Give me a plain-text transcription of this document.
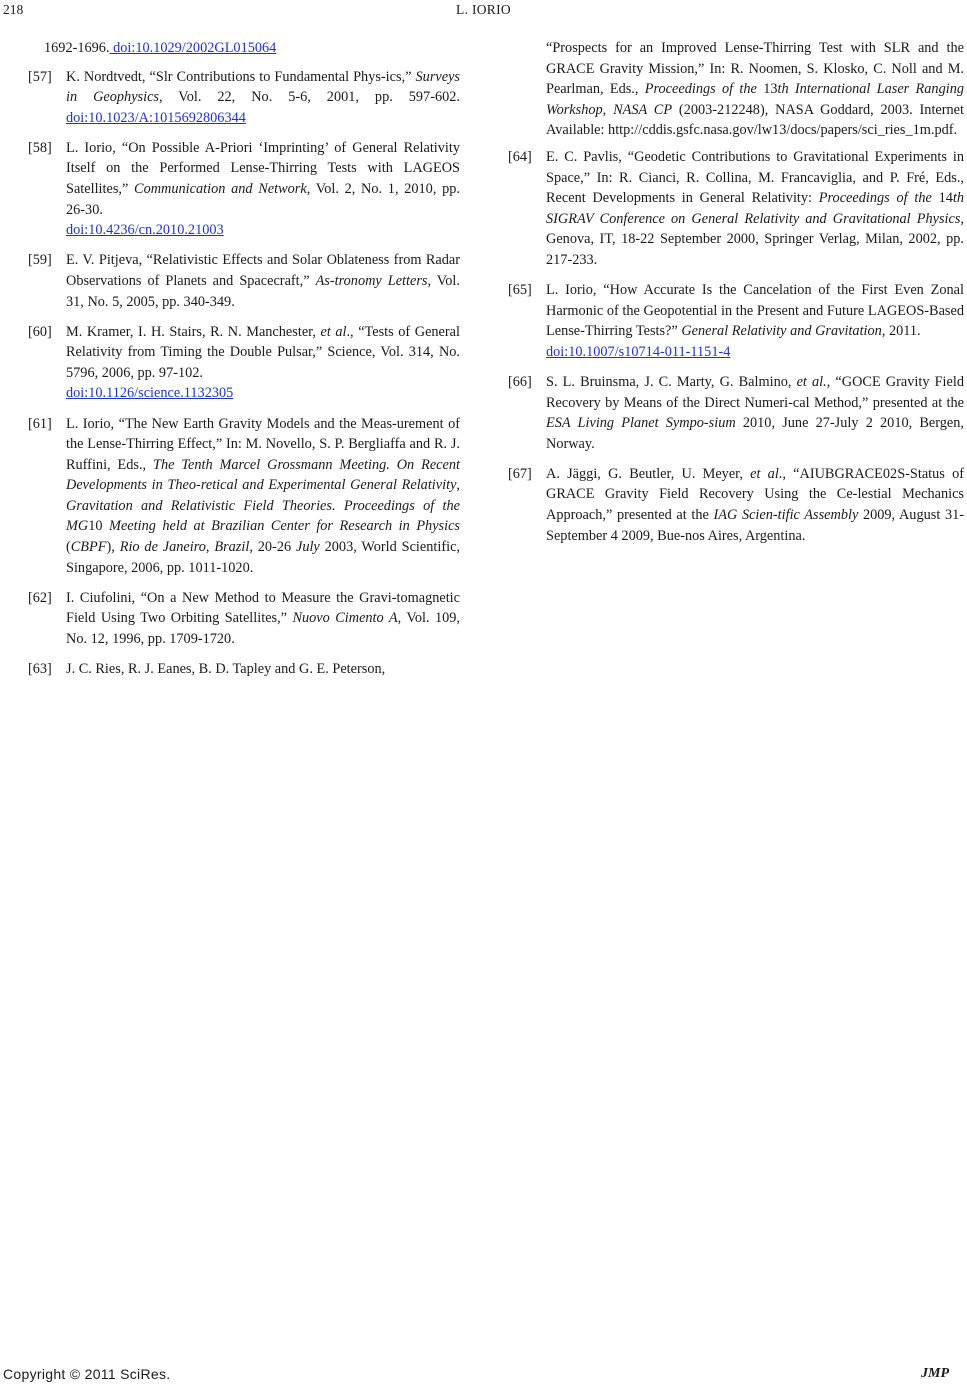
218	L. IORIO
1692-1696. doi:10.1029/2002GL015064
[57] K. Nordtvedt, “Slr Contributions to Fundamental Phys-ics,” Surveys in Geophysics, Vol. 22, No. 5-6, 2001, pp. 597-602. doi:10.1023/A:1015692806344
[58] L. Iorio, “On Possible A-Priori ‘Imprinting’ of General Relativity Itself on the Performed Lense-Thirring Tests with LAGEOS Satellites,” Communication and Network, Vol. 2, No. 1, 2010, pp. 26-30.
doi:10.4236/cn.2010.21003
[59] E. V. Pitjeva, “Relativistic Effects and Solar Oblateness from Radar Observations of Planets and Spacecraft,” As-tronomy Letters, Vol. 31, No. 5, 2005, pp. 340-349.
[60] M. Kramer, I. H. Stairs, R. N. Manchester, et al., “Tests of General Relativity from Timing the Double Pulsar,” Science, Vol. 314, No. 5796, 2006, pp. 97-102.
doi:10.1126/science.1132305
[61] L. Iorio, “The New Earth Gravity Models and the Meas-urement of the Lense-Thirring Effect,” In: M. Novello, S. P. Bergliaffa and R. J. Ruffini, Eds., The Tenth Marcel Grossmann Meeting. On Recent Developments in Theo-retical and Experimental General Relativity, Gravitation and Relativistic Field Theories. Proceedings of the MG10 Meeting held at Brazilian Center for Research in Physics (CBPF), Rio de Janeiro, Brazil, 20-26 July 2003, World Scientific, Singapore, 2006, pp. 1011-1020.
[62] I. Ciufolini, “On a New Method to Measure the Gravi-tomagnetic Field Using Two Orbiting Satellites,” Nuovo Cimento A, Vol. 109, No. 12, 1996, pp. 1709-1720.
[63] J. C. Ries, R. J. Eanes, B. D. Tapley and G. E. Peterson,
“Prospects for an Improved Lense-Thirring Test with SLR and the GRACE Gravity Mission,” In: R. Noomen, S. Klosko, C. Noll and M. Pearlman, Eds., Proceedings of the 13th International Laser Ranging Workshop, NASA CP (2003-212248), NASA Goddard, 2003. Internet Available: http://cddis.gsfc.nasa.gov/lw13/docs/papers/sci_ries_1m.pdf.
[64] E. C. Pavlis, “Geodetic Contributions to Gravitational Experiments in Space,” In: R. Cianci, R. Collina, M. Francaviglia, and P. Fré, Eds., Recent Developments in General Relativity: Proceedings of the 14th SIGRAV Conference on General Relativity and Gravitational Physics, Genova, IT, 18-22 September 2000, Springer Verlag, Milan, 2002, pp. 217-233.
[65] L. Iorio, “How Accurate Is the Cancelation of the First Even Zonal Harmonic of the Geopotential in the Present and Future LAGEOS-Based Lense-Thirring Tests?” General Relativity and Gravitation, 2011.
doi:10.1007/s10714-011-1151-4
[66] S. L. Bruinsma, J. C. Marty, G. Balmino, et al., “GOCE Gravity Field Recovery by Means of the Direct Numeri-cal Method,” presented at the ESA Living Planet Sympo-sium 2010, June 27-July 2 2010, Bergen, Norway.
[67] A. Jäggi, G. Beutler, U. Meyer, et al., “AIUBGRACE02S-Status of GRACE Gravity Field Recovery Using the Ce-lestial Mechanics Approach,” presented at the IAG Scien-tific Assembly 2009, August 31-September 4 2009, Bue-nos Aires, Argentina.
Copyright © 2011 SciRes.	JMP
